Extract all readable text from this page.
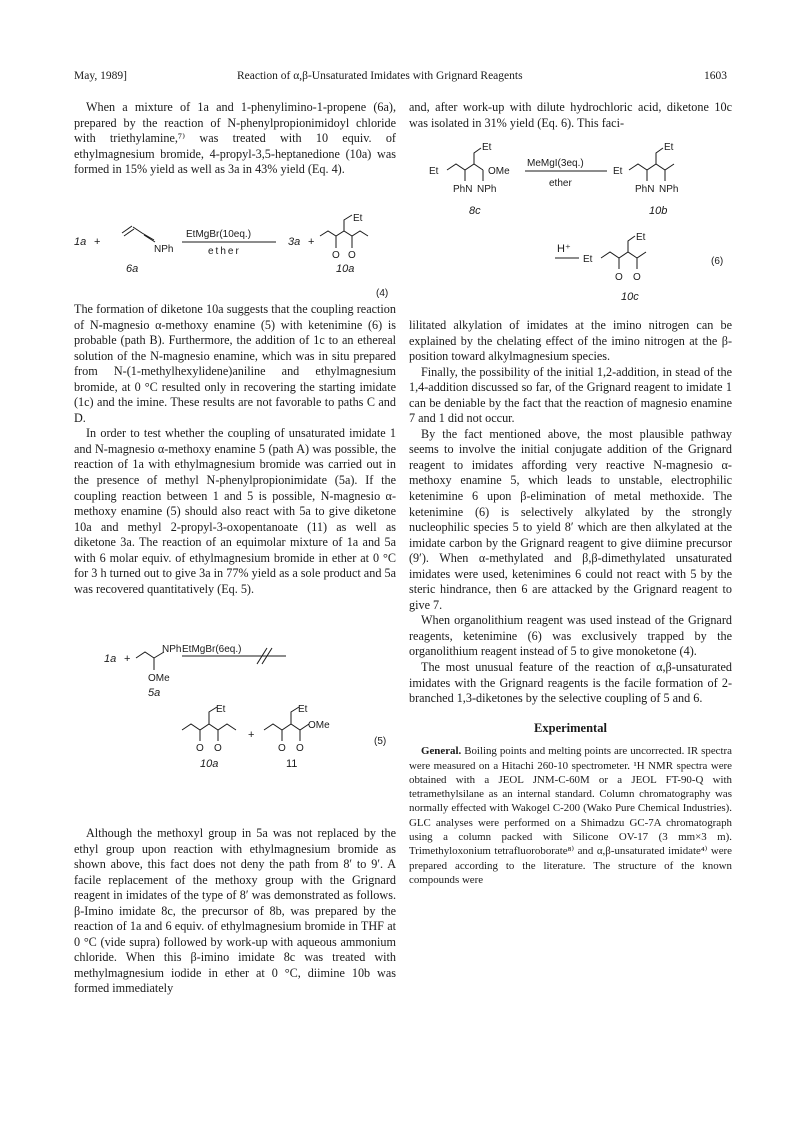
May, 1989]	Reaction of α,β-Unsaturated Imidates with Grignard Reagents	1603

When a mixture of 1a and 1-phenylimino-1-propene (6a), prepared by the reaction of N-phenylpropionimidoyl chloride with triethylamine,⁷⁾ was treated with 10 equiv. of ethylmagnesium bromide, 4-propyl-3,5-heptanedione (10a) was formed in 15% yield as well as 3a in 43% yield (Eq. 4).

1a +
NPh
6a
EtMgBr(10eq.)
ether
3a +
Et
O O
10a
(4)

The formation of diketone 10a suggests that the coupling reaction of N-magnesio α-methoxy enamine (5) with ketenimine (6) is probable (path B). Furthermore, the addition of 1c to an ethereal solution of the N-magnesio enamine, which was in situ prepared from N-(1-methylhexylidene)aniline and ethylmagnesium bromide, at 0 °C resulted only in recovering the starting imidate (1c) and the imine. These results are not favorable to paths C and D.

In order to test whether the coupling of unsaturated imidate 1 and N-magnesio α-methoxy enamine 5 (path A) was possible, the reaction of 1a with ethylmagnesium bromide was carried out in the presence of methyl N-phenylpropionimidate (5a). If the coupling reaction between 1 and 5 is possible, N-magnesio α-methoxy enamine (5) should also react with 5a to give diketone 10a and methyl 2-propyl-3-oxopentanoate (11) as well as diketone 3a. The reaction of an equimolar mixture of 1a and 5a with 6 molar equiv. of ethylmagnesium bromide in ether at 0 °C for 3 h turned out to give 3a in 77% yield as a sole product and 5a was recovered quantitatively (Eq. 5).

1a +
NPh
OMe
5a
EtMgBr(6eq.)
Et
O O
10a
+
Et
OMe
O O
11
(5)

Although the methoxyl group in 5a was not replaced by the ethyl group upon reaction with ethylmagnesium bromide as shown above, this fact does not deny the path from 8′ to 9′. A facile replacement of the methoxy group with the Grignard reagent in imidates of the type of 8′ was demonstrated as follows. β-Imino imidate 8c, the precursor of 8b, was prepared by the reaction of 1a and 6 equiv. of ethylmagnesium bromide in THF at 0 °C (vide supra) followed by work-up with aqueous ammonium chloride. When this β-imino imidate 8c was treated with methylmagnesium iodide in ether at 0 °C, diimine 10b was formed immediately

and, after work-up with dilute hydrochloric acid, diketone 10c was isolated in 31% yield (Eq. 6). This faci-

Et
Et
OMe
PhN NPh
8c
MeMgI(3eq.)
ether
Et
Et
PhN NPh
10b
H⁺
Et
Et
O O
10c
(6)

lilitated alkylation of imidates at the imino nitrogen can be explained by the chelating effect of the imino nitrogen at the β-position toward alkylmagnesium species.

Finally, the possibility of the initial 1,2-addition, in stead of the 1,4-addition discussed so far, of the Grignard reagent to imidate 1 can be deniable by the fact that the reaction of magnesio enamine 7 and 1 did not occur.

By the fact mentioned above, the most plausible pathway seems to involve the initial conjugate addition of the Grignard reagent to imidates affording very reactive N-magnesio α-methoxy enamine 5, which leads to unstable, electrophilic ketenimine 6 upon β-elimination of metal methoxide. The ketenimine (6) is selectively alkylated by the strongly nucleophilic species 5 to yield 8′ which are then alkylated at the imidate carbon by the Grignard reagent to give diimine precursor (9′). When α-methylated and β,β-dimethylated unsaturated imidates were used, ketenimines 6 could not react with 5 by the steric hindrance, then 6 are attacked by the Grignard reagent to give 7.

When organolithium reagent was used instead of the Grignard reagents, ketenimine (6) was exclusively trapped by the organolithium reagent instead of 5 to give monoketone (4).

The most unusual feature of the reaction of α,β-unsaturated imidates with the Grignard reagents is the facile formation of 2-branched 1,3-diketones by the selective coupling of 5 and 6.

Experimental

General. Boiling points and melting points are uncorrected. IR spectra were measured on a Hitachi 260-10 spectrometer. ¹H NMR spectra were obtained with a JEOL JNM-C-60M or a JEOL FT-90-Q with tetramethylsilane as an internal standard. Column chromatography was normally effected with Wakogel C-200 (Wako Pure Chemical Industries). GLC analyses were performed on a Shimadzu GC-7A chromatograph using a column packed with Silicone OV-17 (3 mm×3 m). Trimethyloxonium tetrafluoroborate⁸⁾ and α,β-unsaturated imidate⁴⁾ were prepared according to the literature. The structure of the known compounds were
